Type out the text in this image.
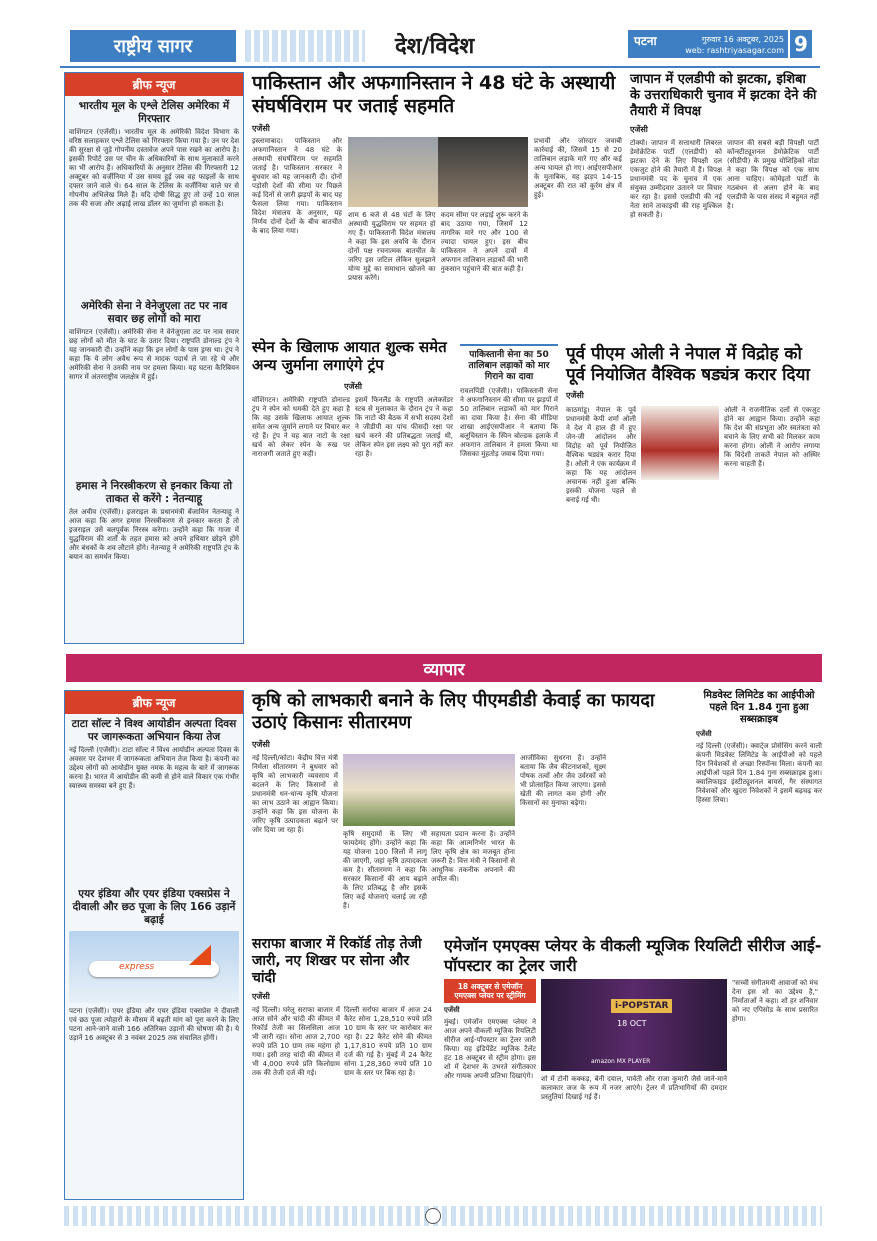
राष्ट्रीय सागर	देश/विदेश	पटना	गुरुवार 16 अक्टूबर, 2025
web: rashtriyasagar.com 9
ब्रीफ न्यूज
भारतीय मूल के एश्ले टेलिस अमेरिका में गिरफ्तार
वाशिंगटन (एजेंसी)। भारतीय मूल के अमेरिकी विदेश विभाग के वरिष्ठ सलाहकार एश्ले टेलिस को गिरफ्तार किया गया है। उन पर देश की सुरक्षा से जुड़े गोपनीय दस्तावेज अपने पास रखने का आरोप है। इसकी रिपोर्ट उस पर चीन के अधिकारियों के साथ मुलाकातें करने का भी आरोप है। अधिकारियों के अनुसार टेलिस की गिरफ्तारी 12 अक्टूबर को वर्जीनिया में उस समय हुई जब वह फाइलों के साथ दफ्तर जाने वाले थे। 64 साल के टेलिस के वर्जीनिया वाले घर से गोपनीय अभिलेख मिले हैं। यदि दोषी सिद्ध हुए तो उन्हें 10 साल तक की सजा और अढ़ाई लाख डॉलर का जुर्माना हो सकता है।
अमेरिकी सेना ने वेनेजुएला तट पर नाव सवार छह लोगों को मारा
वाशिंगटन (एजेंसी)। अमेरिकी सेना ने वेनेजुएला तट पर नाव सवार छह लोगों को मौत के घाट के उतार दिया। राष्ट्रपति डोनाल्ड ट्रंप ने यह जानकारी दी। उन्होंने कहा कि इन लोगों के पास ड्रग्स था। ट्रंप ने कहा कि ये लोग अवैध रूप से मादक पदार्थ ले जा रहे थे और अमेरिकी सेना ने उनकी नाव पर हमला किया। यह घटना कैरिबियन सागर में अंतरराष्ट्रीय जलक्षेत्र में हुई।
हमास ने निरस्त्रीकरण से इनकार किया तो ताकत से करेंगे : नेतन्याहू
तेल अवीव (एजेंसी)। इजराइल के प्रधानमंत्री बेंजामिन नेतन्याहू ने आज कहा कि अगर हमास निरस्त्रीकरण से इनकार करता है तो इजराइल उसे बलपूर्वक निरस्त्र करेगा। उन्होंने कहा कि गाजा में युद्धविराम की शर्तों के तहत हमास को अपने हथियार छोड़ने होंगे और बंधकों के शव लौटाने होंगे। नेतन्याहू ने अमेरिकी राष्ट्रपति ट्रंप के बयान का समर्थन किया।
पाकिस्तान और अफगानिस्तान ने 48 घंटे के अस्थायी संघर्षविराम पर जताई सहमति
एजेंसी
इस्लामाबाद। पाकिस्तान और अफगानिस्तान ने 48 घंटे के अस्थायी संघर्षविराम पर सहमति जताई है। पाकिस्तान सरकार ने बुधवार को यह जानकारी दी। दोनों पड़ोसी देशों की सीमा पर पिछले कई दिनों से जारी झड़पों के बाद यह फैसला लिया गया। पाकिस्तान विदेश मंत्रालय के अनुसार, यह निर्णय दोनों देशों के बीच बातचीत के बाद लिया गया।
शाम 6 बजे से 48 घंटों के लिए अस्थायी युद्धविराम पर सहमत हो गए हैं। पाकिस्तानी विदेश मंत्रालय ने कहा कि इस अवधि के दौरान दोनों पक्ष रचनात्मक बातचीत के जरिए इस जटिल लेकिन सुलझाने योग्य मुद्दे का समाधान खोजने का प्रयास करेंगे।
कदम सीमा पर लड़ाई शुरू करने के बाद उठाया गया, जिसमें 12 नागरिक मारे गए और 100 से ज्यादा घायल हुए। इस बीच पाकिस्तान ने अपने दावों में अफगान तालिबान लड़ाकों की भारी नुकसान पहुंचाने की बात कही है।
प्रभावी और जोरदार जवाबी कार्रवाई की, जिसमें 15 से 20 तालिबान लड़ाके मारे गए और कई अन्य घायल हो गए। आईएसपीआर के मुताबिक, यह झड़प 14-15 अक्टूबर की रात को कुर्रम क्षेत्र में हुई।
जापान में एलडीपी को झटका, इशिबा के उत्तराधिकारी चुनाव में झटका देने की तैयारी में विपक्ष
एजेंसी
टोक्यो। जापान में सत्ताधारी लिबरल डेमोक्रेटिक पार्टी (एलडीपी) को झटका देने के लिए विपक्षी दल एकजुट होने की तैयारी में हैं। विपक्ष प्रधानमंत्री पद के चुनाव में एक संयुक्त उम्मीदवार उतारने पर विचार कर रहा है। इससे एलडीपी की नई नेता साने ताकाइची की राह मुश्किल हो सकती है।
जापान की सबसे बड़ी विपक्षी पार्टी कॉन्स्टीट्यूशनल डेमोक्रेटिक पार्टी (सीडीपी) के प्रमुख योशिहिको नोडा ने कहा कि विपक्ष को एक साथ आना चाहिए। कोमेइतो पार्टी के गठबंधन से अलग होने के बाद एलडीपी के पास संसद में बहुमत नहीं है।
स्पेन के खिलाफ आयात शुल्क समेत अन्य जुर्माना लगाएंगे ट्रंप
एजेंसी
वॉशिंगटन। अमेरिकी राष्ट्रपति डोनाल्ड ट्रंप ने स्पेन को धमकी देते हुए कहा है कि वह उसके खिलाफ आयात शुल्क समेत अन्य जुर्माने लगाने पर विचार कर रहे हैं। ट्रंप ने यह बात नाटो के रक्षा खर्च को लेकर स्पेन के रुख पर नाराजगी जताते हुए कही।
इसमें फिनलैंड के राष्ट्रपति अलेक्जेंडर स्टब से मुलाकात के दौरान ट्रंप ने कहा कि नाटो की बैठक में सभी सदस्य देशों ने जीडीपी का पांच फीसदी रक्षा पर खर्च करने की प्रतिबद्धता जताई थी, लेकिन स्पेन इस लक्ष्य को पूरा नहीं कर रहा है।
पाकिस्तानी सेना का 50 तालिबान लड़ाकों को मार गिराने का दावा
रावलपिंडी (एजेंसी)। पाकिस्तानी सेना ने अफगानिस्तान की सीमा पर झड़पों में 50 तालिबान लड़ाकों को मार गिराने का दावा किया है। सेना की मीडिया शाखा आईएसपीआर ने बताया कि बलूचिस्तान के स्पिन बोल्डक इलाके में अफगान तालिबान ने हमला किया था जिसका मुंहतोड़ जवाब दिया गया।
पूर्व पीएम ओली ने नेपाल में विद्रोह को पूर्व नियोजित वैश्विक षड्यंत्र करार दिया
एजेंसी
काठमांडू। नेपाल के पूर्व प्रधानमंत्री केपी शर्मा ओली ने देश में हाल ही में हुए जेन-जी आंदोलन और विद्रोह को पूर्व नियोजित वैश्विक षड्यंत्र करार दिया है। ओली ने एक कार्यक्रम में कहा कि यह आंदोलन अचानक नहीं हुआ बल्कि इसकी योजना पहले से बनाई गई थी।
ओली ने राजनीतिक दलों से एकजुट होने का आह्वान किया। उन्होंने कहा कि देश की संप्रभुता और स्वतंत्रता को बचाने के लिए सभी को मिलकर काम करना होगा। ओली ने आरोप लगाया कि विदेशी ताकतें नेपाल को अस्थिर करना चाहती हैं।
व्यापार
ब्रीफ न्यूज
टाटा सॉल्ट ने विश्व आयोडीन अल्पता दिवस पर जागरूकता अभियान किया तेज
नई दिल्ली (एजेंसी)। टाटा सॉल्ट ने विश्व आयोडीन अल्पता दिवस के अवसर पर देशभर में जागरूकता अभियान तेज किया है। कंपनी का उद्देश्य लोगों को आयोडीन युक्त नमक के महत्व के बारे में जागरूक करना है। भारत में आयोडीन की कमी से होने वाले विकार एक गंभीर स्वास्थ्य समस्या बने हुए हैं।
एयर इंडिया और एयर इंडिया एक्सप्रेस ने दीवाली और छठ पूजा के लिए 166 उड़ानें बढ़ाई
express
पटना (एजेंसी)। एयर इंडिया और एयर इंडिया एक्सप्रेस ने दीवाली एवं छठ पूजा त्योहारों के मौसम में बढ़ती मांग को पूरा करने के लिए पटना आने-जाने वाली 166 अतिरिक्त उड़ानों की घोषणा की है। ये उड़ानें 16 अक्टूबर से 3 नवंबर 2025 तक संचालित होंगी।
कृषि को लाभकारी बनाने के लिए पीएमडीडी केवाई का फायदा उठाएं किसानः सीतारमण
एजेंसी
नई दिल्ली/कोटा। केंद्रीय वित्त मंत्री निर्मला सीतारमण ने बुधवार को कृषि को लाभकारी व्यवसाय में बदलने के लिए किसानों से प्रधानमंत्री धन-धान्य कृषि योजना का लाभ उठाने का आह्वान किया। उन्होंने कहा कि इस योजना के जरिए कृषि उत्पादकता बढ़ाने पर जोर दिया जा रहा है।	कृषि समुदायों के लिए भी फायदेमंद होंगे। उन्होंने कहा कि यह योजना 100 जिलों में लागू की जाएगी, जहां कृषि उत्पादकता कम है। सीतारमण ने कहा कि सरकार किसानों की आय बढ़ाने के लिए प्रतिबद्ध है और इसके लिए कई योजनाएं चलाई जा रही हैं।
सहायता प्रदान करना है। उन्होंने कहा कि आत्मनिर्भर भारत के लिए कृषि क्षेत्र का मजबूत होना जरूरी है। वित्त मंत्री ने किसानों से आधुनिक तकनीक अपनाने की अपील की।
आजीविका सुधरना है। उन्होंने बताया कि जैव कीटनाशकों, सूक्ष्म पोषक तत्वों और जैव उर्वरकों को भी प्रोत्साहित किया जाएगा। इससे खेती की लागत कम होगी और किसानों का मुनाफा बढ़ेगा।
मिडवेस्ट लिमिटेड का आईपीओ पहले दिन 1.84 गुना हुआ सब्सक्राइब
एजेंसी
नई दिल्ली (एजेंसी)। क्वार्ट्ज प्रोसेसिंग करने वाली कंपनी मिडवेस्ट लिमिटेड के आईपीओ को पहले दिन निवेशकों से अच्छा रिस्पॉन्स मिला। कंपनी का आईपीओ पहले दिन 1.84 गुना सब्सक्राइब हुआ। क्वालिफाइड इंस्टीट्यूशनल बायर्स, गैर संस्थागत निवेशकों और खुदरा निवेशकों ने इसमें बढ़चढ़ कर हिस्सा लिया।
सराफा बाजार में रिकॉर्ड तोड़ तेजी जारी, नए शिखर पर सोना और चांदी
एजेंसी
नई दिल्ली। घरेलू सराफा बाजार में आज सोने और चांदी की कीमत में रिकॉर्ड तेजी का सिलसिला आज भी जारी रहा। सोना आज 2,700 रुपये प्रति 10 ग्राम तक महंगा हो गया। इसी तरह चांदी की कीमत में भी 4,000 रुपये प्रति किलोग्राम तक की तेजी दर्ज की गई।
दिल्ली सर्राफा बाजार में आज 24 कैरेट सोना 1,28,510 रुपये प्रति 10 ग्राम के स्तर पर कारोबार कर रहा है। 22 कैरेट सोने की कीमत 1,17,810 रुपये प्रति 10 ग्राम दर्ज की गई है। मुंबई में 24 कैरेट सोना 1,28,360 रुपये प्रति 10 ग्राम के स्तर पर बिक रहा है।
एमेजॉन एमएक्स प्लेयर के वीकली म्यूजिक रियलिटी सीरीज आई-पॉपस्टार का ट्रेलर जारी
18 अक्टूबर से एमेजॉन एमएक्स प्लेयर पर स्ट्रीमिंग
एजेंसी
मुंबई। एमेजॉन एमएक्स प्लेयर ने आज अपने वीकली म्यूजिक रियलिटी सीरीज आई-पॉपस्टार का ट्रेलर जारी किया। यह इंडिपेंडेंट म्यूजिक टैलेंट हंट 18 अक्टूबर से स्ट्रीम होगा। इस शो में देशभर के उभरते संगीतकार और गायक अपनी प्रतिभा दिखाएंगे।
i-POPSTAR
18 OCT
amazon MX PLAYER
शो में टोनी कक्कड़, बेनी दयाल, पार्वती और राजा कुमारी जैसे जाने-माने कलाकार जज के रूप में नजर आएंगे। ट्रेलर में प्रतिभागियों की दमदार प्रस्तुतियां दिखाई गई हैं।
"सच्ची संगीतमयी आवाजों को मंच देना इस शो का उद्देश्य है," निर्माताओं ने कहा। शो हर शनिवार को नए एपिसोड के साथ प्रसारित होगा।
